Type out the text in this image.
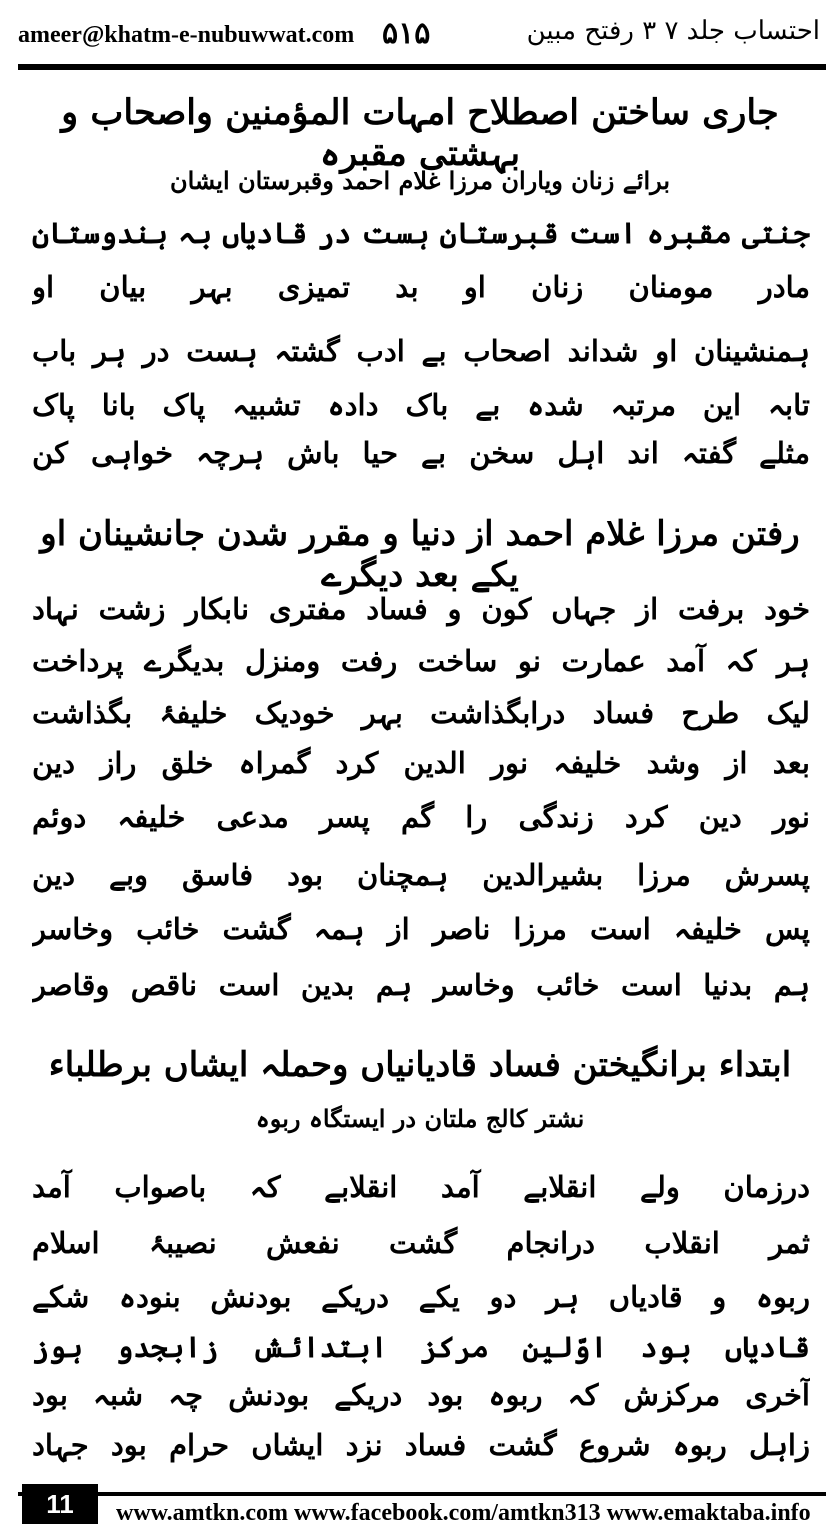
ameer@khatm-e-nubuwwat.com ۵۱۵	احتساب جلد ۷ ۳ رفتح مبین
جاری ساختن اصطلاح امہات المؤمنین واصحاب و بہشتی مقبرہ
برائے زنان ویاران مرزا غلام احمد وقبرستان ایشان
جنتی مقبرہ است قبرستان ہست در قادیاں بہ ہندوستان
مادر مومنان زنان او بد تمیزی بہر بیان او
ہمنشینان او شداند اصحاب بے ادب گشتہ ہست در ہر باب
تابہ این مرتبہ شدہ بے باک دادہ تشبیہ پاک بانا پاک
مثلے گفتہ اند اہل سخن بے حیا باش ہرچہ خواہی کن
رفتن مرزا غلام احمد از دنیا و مقرر شدن جانشینان او یکے بعد دیگرے
خود برفت از جہاں کون و فساد مفتری نابکار زشت نہاد
ہر کہ آمد عمارت نو ساخت رفت ومنزل بدیگرے پرداخت
لیک طرح فساد درابگذاشت بہر خودیک خلیفۂ بگذاشت
بعد از وشد خلیفہ نور الدین کرد گمراہ خلق راز دین
نور دین کرد زندگی را گم پسر مدعی خلیفہ دوئم
پسرش مرزا بشیرالدین ہمچنان بود فاسق وبے دین
پس خلیفہ است مرزا ناصر از ہمہ گشت خائب وخاسر
ہم بدنیا است خائب وخاسر ہم بدین است ناقص وقاصر
ابتداء برانگیختن فساد قادیانیاں وحملہ ایشاں برطلباء
نشتر کالج ملتان در ایستگاہ ربوہ
درزمان ولے انقلابے آمد انقلابے کہ باصواب آمد
ثمر انقلاب درانجام گشت نفعش نصیبۂ اسلام
ربوہ و قادیاں ہر دو یکے دریکے بودنش بنودہ شکے
قادیاں بود اوّلین مرکز ابتدائش زابجدو ہوز
آخری مرکزش کہ ربوہ بود دریکے بودنش چہ شبہ بود
زاہل ربوہ شروع گشت فساد نزد ایشاں حرام بود جہاد
11	www.amtkn.com www.facebook.com/amtkn313 www.emaktaba.info
